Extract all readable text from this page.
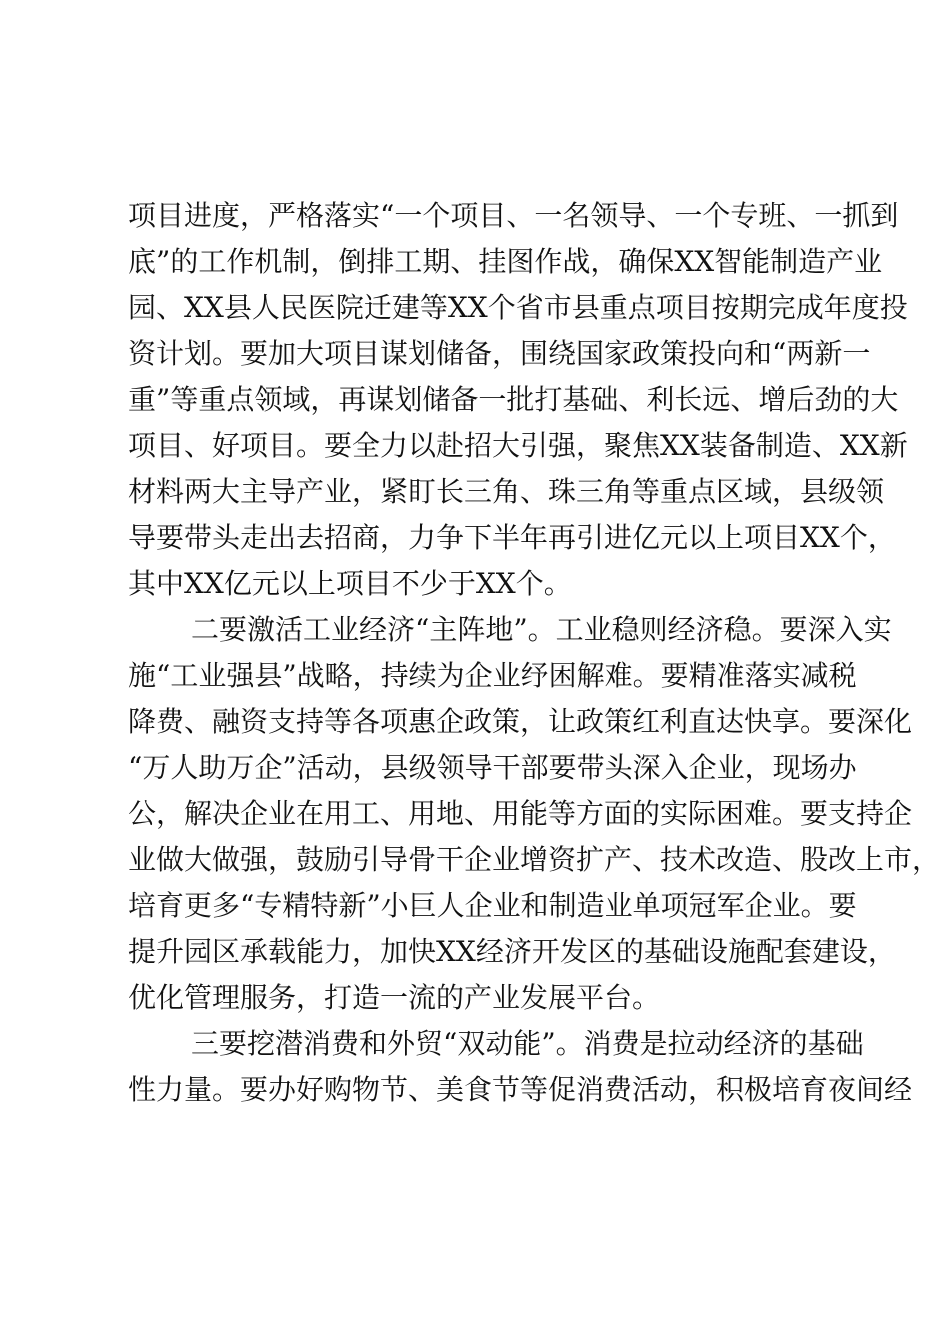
项目进度，严格落实“一个项目、一名领导、一个专班、一抓到
底”的工作机制，倒排工期、挂图作战，确保XX智能制造产业
园、XX县人民医院迁建等XX个省市县重点项目按期完成年度投
资计划。要加大项目谋划储备，围绕国家政策投向和“两新一
重”等重点领域，再谋划储备一批打基础、利长远、增后劲的大
项目、好项目。要全力以赴招大引强，聚焦XX装备制造、XX新
材料两大主导产业，紧盯长三角、珠三角等重点区域，县级领
导要带头走出去招商，力争下半年再引进亿元以上项目XX个，
其中XX亿元以上项目不少于XX个。
二要激活工业经济“主阵地”。工业稳则经济稳。要深入实
施“工业强县”战略，持续为企业纾困解难。要精准落实减税
降费、融资支持等各项惠企政策，让政策红利直达快享。要深化
“万人助万企”活动，县级领导干部要带头深入企业，现场办
公，解决企业在用工、用地、用能等方面的实际困难。要支持企
业做大做强，鼓励引导骨干企业增资扩产、技术改造、股改上市，
培育更多“专精特新”小巨人企业和制造业单项冠军企业。要
提升园区承载能力，加快XX经济开发区的基础设施配套建设，
优化管理服务，打造一流的产业发展平台。
三要挖潜消费和外贸“双动能”。消费是拉动经济的基础
性力量。要办好购物节、美食节等促消费活动，积极培育夜间经
